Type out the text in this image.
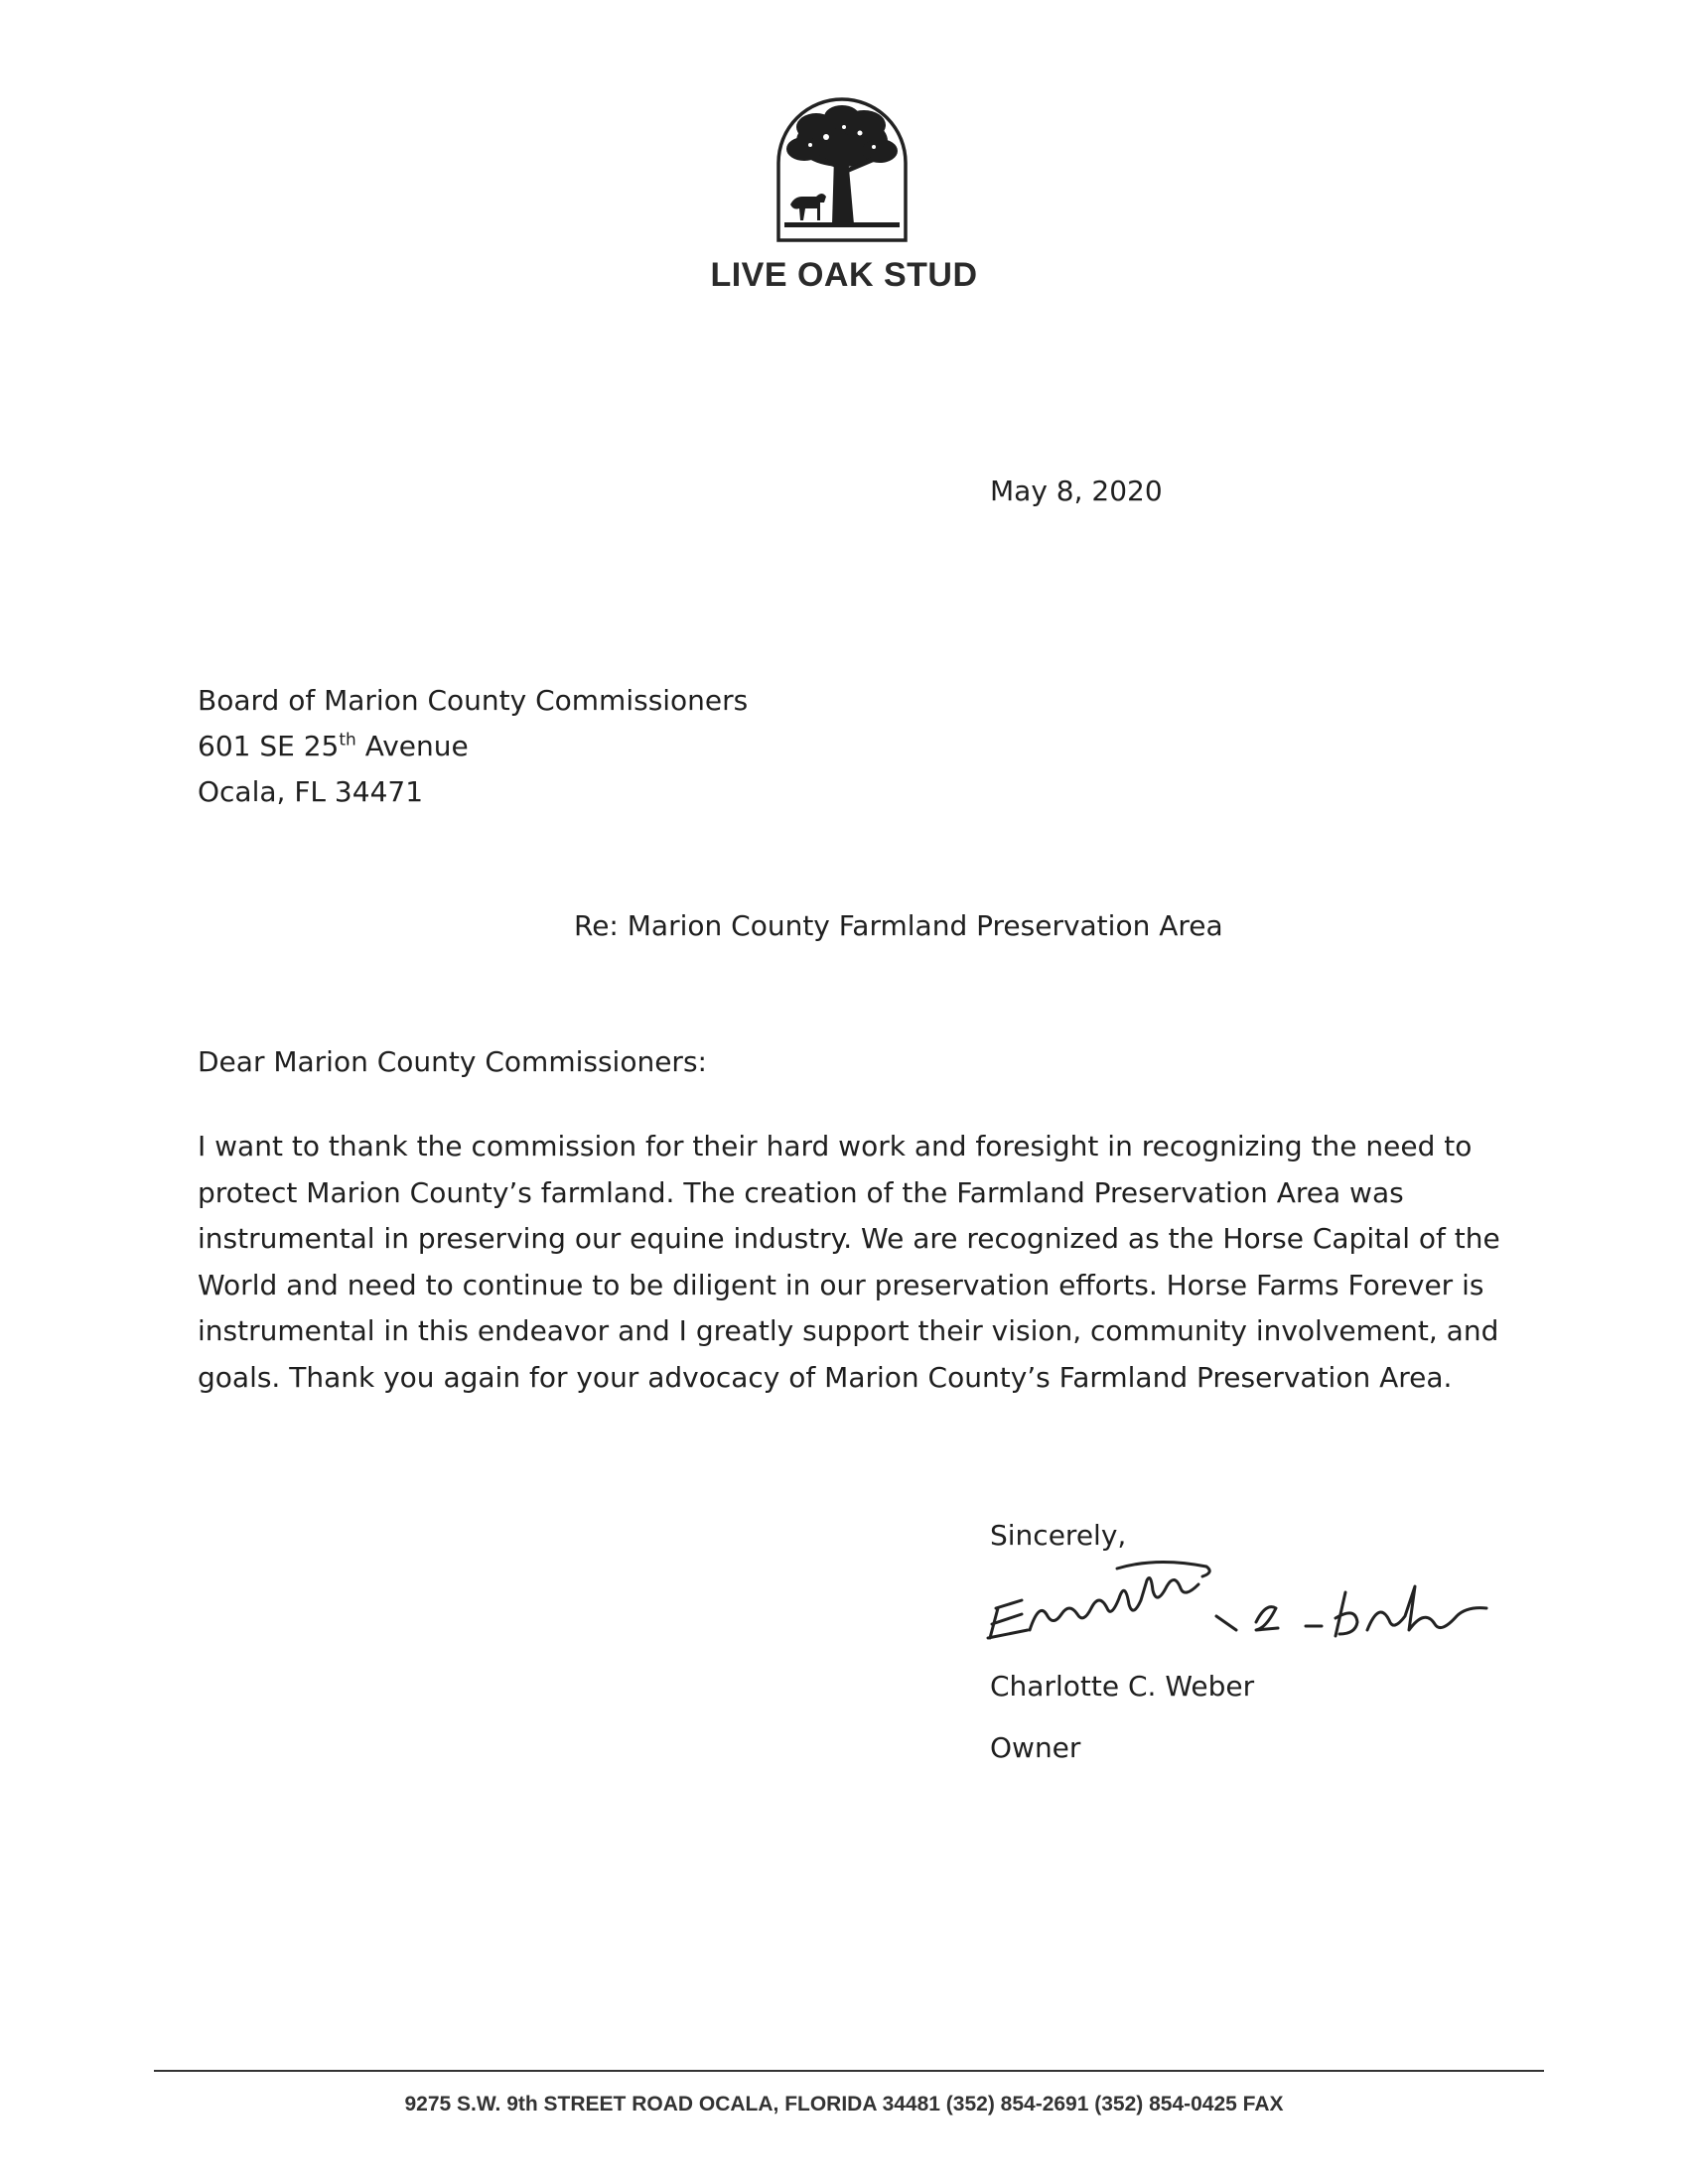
LIVE OAK STUD
May 8, 2020
Board of Marion County Commissioners
601 SE 25th Avenue
Ocala, FL 34471
Re: Marion County Farmland Preservation Area
Dear Marion County Commissioners:
I want to thank the commission for their hard work and foresight in recognizing the need to
protect Marion County’s farmland. The creation of the Farmland Preservation Area was
instrumental in preserving our equine industry. We are recognized as the Horse Capital of the
World and need to continue to be diligent in our preservation efforts. Horse Farms Forever is
instrumental in this endeavor and I greatly support their vision, community involvement, and
goals. Thank you again for your advocacy of Marion County’s Farmland Preservation Area.
Sincerely,
Charlotte C. Weber
Owner
9275 S.W. 9th STREET ROAD OCALA, FLORIDA 34481 (352) 854-2691 (352) 854-0425 FAX
